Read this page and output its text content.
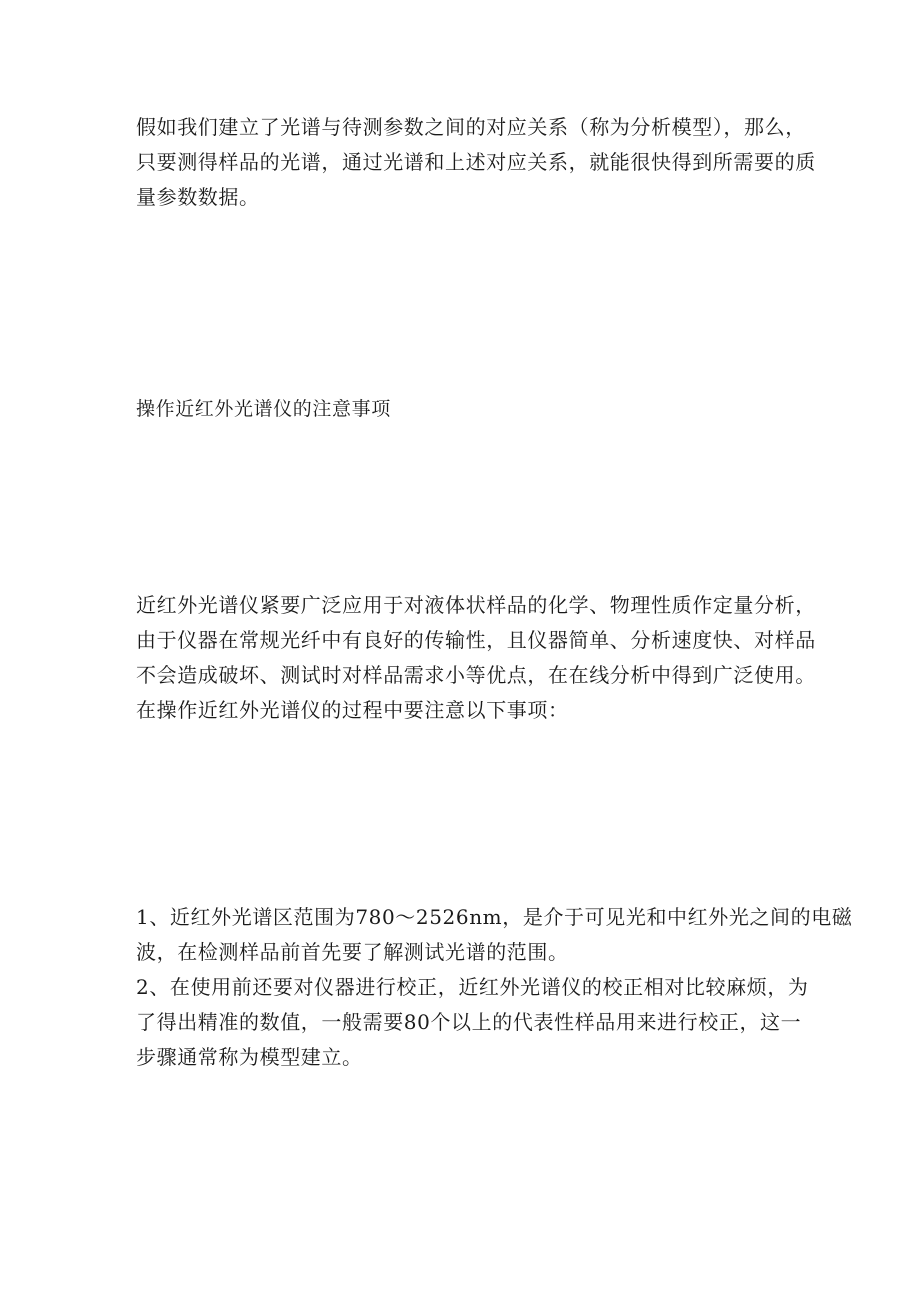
假如我们建立了光谱与待测参数之间的对应关系（称为分析模型），那么，
只要测得样品的光谱，通过光谱和上述对应关系，就能很快得到所需要的质
量参数数据。

操作近红外光谱仪的注意事项

近红外光谱仪紧要广泛应用于对液体状样品的化学、物理性质作定量分析，
由于仪器在常规光纤中有良好的传输性，且仪器简单、分析速度快、对样品
不会造成破坏、测试时对样品需求小等优点，在在线分析中得到广泛使用。
在操作近红外光谱仪的过程中要注意以下事项：

1、近红外光谱区范围为780～2526nm，是介于可见光和中红外光之间的电磁
波，在检测样品前首先要了解测试光谱的范围。
2、在使用前还要对仪器进行校正，近红外光谱仪的校正相对比较麻烦，为
了得出精准的数值，一般需要80个以上的代表性样品用来进行校正，这一
步骤通常称为模型建立。
